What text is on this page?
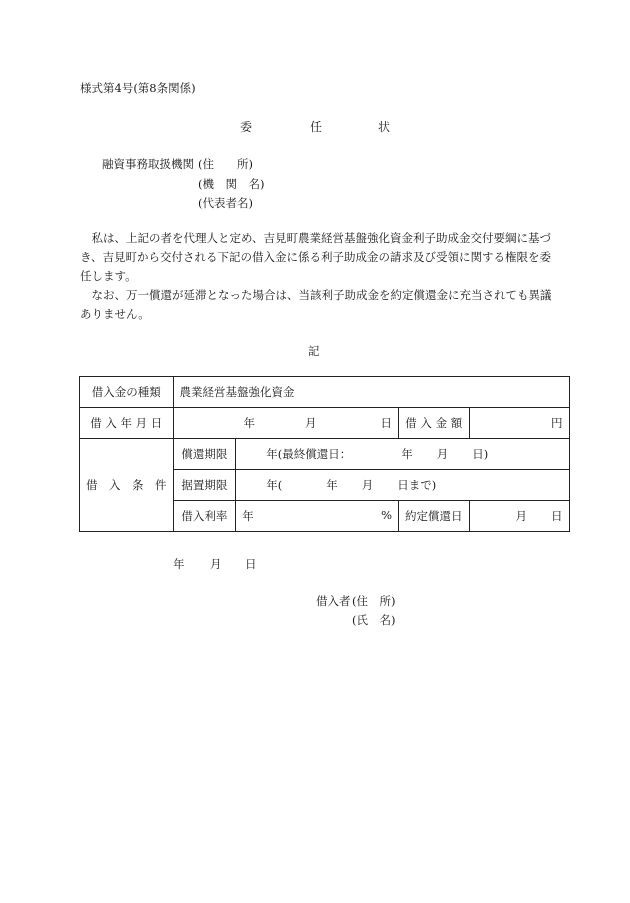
様式第4号(第8条関係)
委	任	状
融資事務取扱機関 (住　　所)
(機　関　名)
(代表者名)

私は、上記の者を代理人と定め、吉見町農業経営基盤強化資金利子助成金交付要綱に基づき、吉見町から交付される下記の借入金に係る利子助成金の請求及び受領に関する権限を委任します。

なお、万一償還が延滞となった場合は、当該利子助成金を約定償還金に充当されても異議ありません。

記
借入金の種類	農業経営基盤強化資金			
借 入 年 月 日	年 月 日		借 入 金 額	円
借　入　条　件	償還期限	年(最終償還日： 年 月 日)		
	据置期限	年( 年 月 日まで)		
	借入利率	年 %	約定償還日	月 日
年 月 日
借入者 (住　所)
(氏　名)
